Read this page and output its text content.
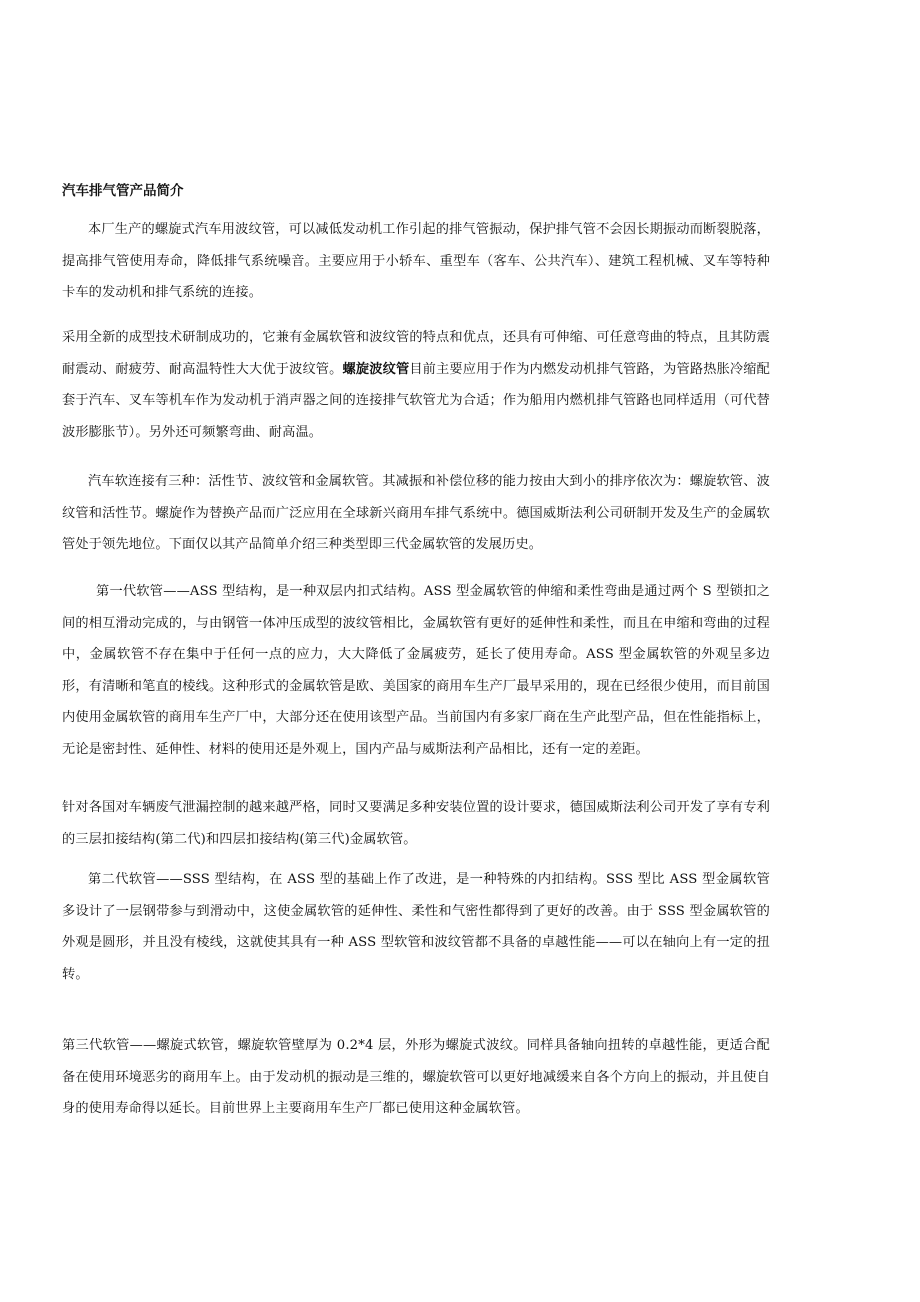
汽车排气管产品简介
本厂生产的螺旋式汽车用波纹管，可以减低发动机工作引起的排气管振动，保护排气管不会因长期振动而断裂脱落，提高排气管使用寿命，降低排气系统噪音。主要应用于小轿车、重型车（客车、公共汽车）、建筑工程机械、叉车等特种卡车的发动机和排气系统的连接。
采用全新的成型技术研制成功的，它兼有金属软管和波纹管的特点和优点，还具有可伸缩、可任意弯曲的特点，且其防震耐震动、耐疲劳、耐高温特性大大优于波纹管。螺旋波纹管目前主要应用于作为内燃发动机排气管路，为管路热胀冷缩配套于汽车、叉车等机车作为发动机于消声器之间的连接排气软管尤为合适；作为船用内燃机排气管路也同样适用（可代替波形膨胀节）。另外还可频繁弯曲、耐高温。
汽车软连接有三种：活性节、波纹管和金属软管。其减振和补偿位移的能力按由大到小的排序依次为：螺旋软管、波纹管和活性节。螺旋作为替换产品而广泛应用在全球新兴商用车排气系统中。德国威斯法利公司研制开发及生产的金属软管处于领先地位。下面仅以其产品简单介绍三种类型即三代金属软管的发展历史。
第一代软管——ASS 型结构，是一种双层内扣式结构。ASS 型金属软管的伸缩和柔性弯曲是通过两个 S 型锁扣之间的相互滑动完成的，与由钢管一体冲压成型的波纹管相比，金属软管有更好的延伸性和柔性，而且在申缩和弯曲的过程中，金属软管不存在集中于任何一点的应力，大大降低了金属疲劳，延长了使用寿命。ASS 型金属软管的外观呈多边形，有清晰和笔直的棱线。这种形式的金属软管是欧、美国家的商用车生产厂最早采用的，现在已经很少使用，而目前国内使用金属软管的商用车生产厂中，大部分还在使用该型产品。当前国内有多家厂商在生产此型产品，但在性能指标上，无论是密封性、延伸性、材料的使用还是外观上，国内产品与威斯法利产品相比，还有一定的差距。
针对各国对车辆废气泄漏控制的越来越严格，同时又要满足多种安装位置的设计要求，德国威斯法利公司开发了享有专利的三层扣接结构(第二代)和四层扣接结构(第三代)金属软管。
第二代软管——SSS 型结构，在 ASS 型的基础上作了改进，是一种特殊的内扣结构。SSS 型比 ASS 型金属软管多设计了一层钢带参与到滑动中，这使金属软管的延伸性、柔性和气密性都得到了更好的改善。由于 SSS 型金属软管的外观是圆形，并且没有棱线，这就使其具有一种 ASS 型软管和波纹管都不具备的卓越性能——可以在轴向上有一定的扭转。
第三代软管——螺旋式软管，螺旋软管壁厚为 0.2*4 层，外形为螺旋式波纹。同样具备轴向扭转的卓越性能，更适合配备在使用环境恶劣的商用车上。由于发动机的振动是三维的，螺旋软管可以更好地减缓来自各个方向上的振动，并且使自身的使用寿命得以延长。目前世界上主要商用车生产厂都已使用这种金属软管。
